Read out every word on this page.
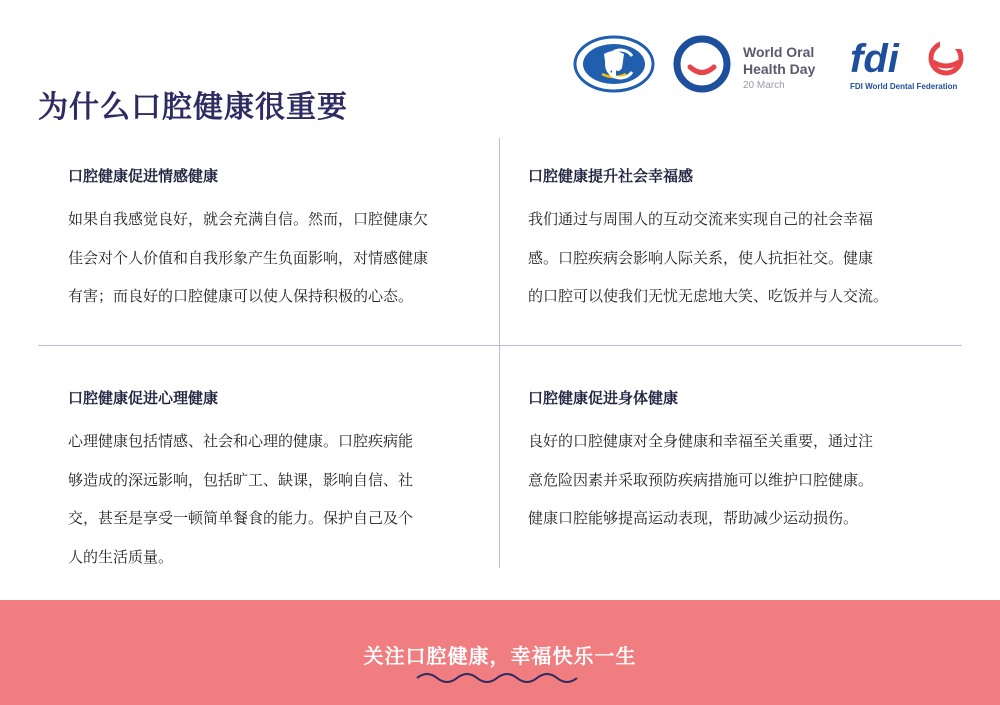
为什么口腔健康很重要
World Oral
Health Day
20 March
fdi
FDI World Dental Federation
口腔健康促进情感健康
如果自我感觉良好，就会充满自信。然而，口腔健康欠
佳会对个人价值和自我形象产生负面影响，对情感健康
有害；而良好的口腔健康可以使人保持积极的心态。
口腔健康提升社会幸福感
我们通过与周围人的互动交流来实现自己的社会幸福
感。口腔疾病会影响人际关系，使人抗拒社交。健康
的口腔可以使我们无忧无虑地大笑、吃饭并与人交流。
口腔健康促进心理健康
心理健康包括情感、社会和心理的健康。口腔疾病能
够造成的深远影响，包括旷工、缺课，影响自信、社
交，甚至是享受一顿简单餐食的能力。保护自己及个
人的生活质量。
口腔健康促进身体健康
良好的口腔健康对全身健康和幸福至关重要，通过注
意危险因素并采取预防疾病措施可以维护口腔健康。
健康口腔能够提高运动表现，帮助减少运动损伤。
关注口腔健康，幸福快乐一生
